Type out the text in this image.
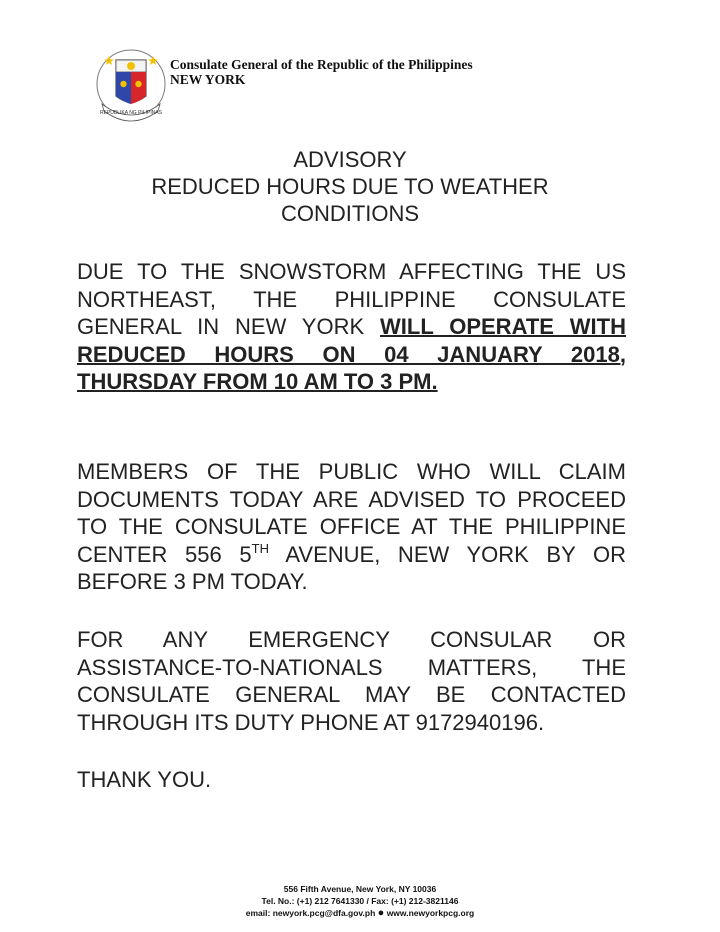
REPUBLIKA NG PILIPINAS
Consulate General of the Republic of the Philippines
NEW YORK
ADVISORY
REDUCED HOURS DUE TO WEATHER
CONDITIONS
DUE TO THE SNOWSTORM AFFECTING THE US NORTHEAST, THE PHILIPPINE CONSULATE GENERAL IN NEW YORK WILL OPERATE WITH REDUCED HOURS ON 04 JANUARY 2018, THURSDAY FROM 10 AM TO 3 PM.
MEMBERS OF THE PUBLIC WHO WILL CLAIM DOCUMENTS TODAY ARE ADVISED TO PROCEED TO THE CONSULATE OFFICE AT THE PHILIPPINE CENTER 556 5TH AVENUE, NEW YORK BY OR BEFORE 3 PM TODAY.
FOR ANY EMERGENCY CONSULAR OR ASSISTANCE-TO-NATIONALS MATTERS, THE CONSULATE GENERAL MAY BE CONTACTED THROUGH ITS DUTY PHONE AT 9172940196.
THANK YOU.
556 Fifth Avenue, New York, NY 10036
Tel. No.: (+1) 212 7641330 / Fax: (+1) 212-3821146
email: newyork.pcg@dfa.gov.ph ● www.newyorkpcg.org
